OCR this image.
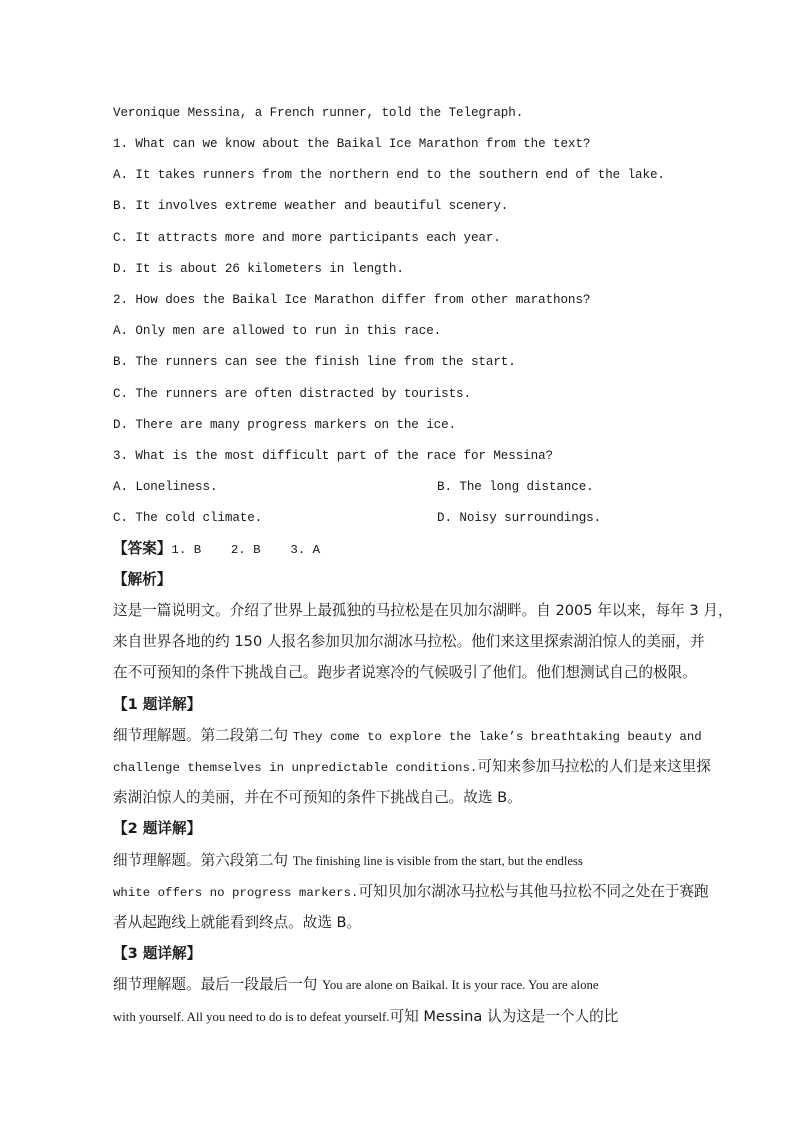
Veronique Messina, a French runner, told the Telegraph.
1. What can we know about the Baikal Ice Marathon from the text?
A. It takes runners from the northern end to the southern end of the lake.
B. It involves extreme weather and beautiful scenery.
C. It attracts more and more participants each year.
D. It is about 26 kilometers in length.
2. How does the Baikal Ice Marathon differ from other marathons?
A. Only men are allowed to run in this race.
B. The runners can see the finish line from the start.
C. The runners are often distracted by tourists.
D. There are many progress markers on the ice.
3. What is the most difficult part of the race for Messina?
A. Loneliness.	B. The long distance.
C. The cold climate.	D. Noisy surroundings.
【答案】1. B    2. B    3. A
【解析】
这是一篇说明文。介绍了世界上最孤独的马拉松是在贝加尔湖畔。自 2005 年以来，每年 3 月，
来自世界各地的约 150 人报名参加贝加尔湖冰马拉松。他们来这里探索湖泊惊人的美丽，并
在不可预知的条件下挑战自己。跑步者说寒冷的气候吸引了他们。他们想测试自己的极限。
【1 题详解】
细节理解题。第二段第二句 They come to explore the lake’s breathtaking beauty and
challenge themselves in unpredictable conditions.可知来参加马拉松的人们是来这里探
索湖泊惊人的美丽，并在不可预知的条件下挑战自己。故选 B。
【2 题详解】
细节理解题。第六段第二句 The finishing line is visible from the start, but the endless
white offers no progress markers.可知贝加尔湖冰马拉松与其他马拉松不同之处在于赛跑
者从起跑线上就能看到终点。故选 B。
【3 题详解】
细节理解题。最后一段最后一句 You are alone on Baikal. It is your race. You are alone
with yourself. All you need to do is to defeat yourself.可知 Messina 认为这是一个人的比
